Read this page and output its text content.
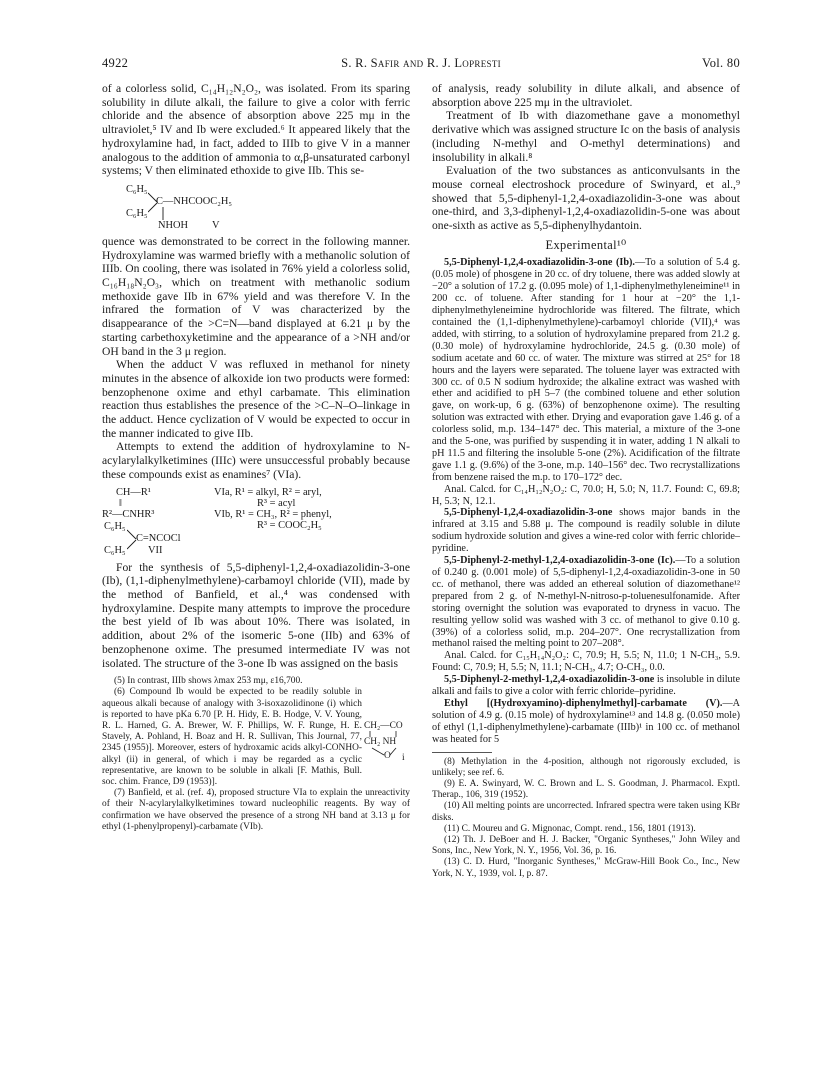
4922	S. R. Safir and R. J. Lopresti	Vol. 80

of a colorless solid, C₁₄H₁₂N₂O₂, was isolated. From its sparing solubility in dilute alkali, the failure to give a color with ferric chloride and the absence of absorption above 225 mμ in the ultraviolet,⁵ IV and Ib were excluded.⁶ It appeared likely that the hydroxylamine had, in fact, added to IIIb to give V in a manner analogous to the addition of ammonia to α,β-unsaturated carbonyl systems; V then eliminated ethoxide to give IIb. This se-

C₆H₅
C—NHCOOC₂H₅
C₆H₅
NHOH V

quence was demonstrated to be correct in the following manner. Hydroxylamine was warmed briefly with a methanolic solution of IIIb. On cooling, there was isolated in 76% yield a colorless solid, C₁₆H₁₈N₂O₃, which on treatment with methanolic sodium methoxide gave IIb in 67% yield and was therefore V. In the infrared the formation of V was characterized by the disappearance of the >C=N—band displayed at 6.21 μ by the starting carbethoxyketimine and the appearance of a >NH and/or OH band in the 3 μ region.

When the adduct V was refluxed in methanol for ninety minutes in the absence of alkoxide ion two products were formed: benzophenone oxime and ethyl carbamate. This elimination reaction thus establishes the presence of the >C–N–O–linkage in the adduct. Hence cyclization of V would be expected to occur in the manner indicated to give IIb.

Attempts to extend the addition of hydroxylamine to N-acylarylalkylketimines (IIIc) were unsuccessful probably because these compounds exist as enamines⁷ (VIa).

CH—R¹
‖
R²—CNHR³
VIa, R¹ = alkyl, R² = aryl,
R³ = acyl
VIb, R¹ = CH₃, R² = phenyl,
R³ = COOC₂H₅
C₆H₅
C=NCOCl
C₆H₅ VII

For the synthesis of 5,5-diphenyl-1,2,4-oxadiazolidin-3-one (Ib), (1,1-diphenylmethylene)-carbamoyl chloride (VII), made by the method of Banfield, et al.,⁴ was condensed with hydroxylamine. Despite many attempts to improve the procedure the best yield of Ib was about 10%. There was isolated, in addition, about 2% of the isomeric 5-one (IIb) and 63% of benzophenone oxime. The presumed intermediate IV was not isolated. The structure of the 3-one Ib was assigned on the basis

(5) In contrast, IIIb shows λmax 253 mμ, ε16,700.

(6) Compound Ib would be expected to be readily soluble in aqueous alkali because of analogy with 3-isoxazolidinone (i) which is reported to have pKa 6.70 [P. H. Hidy, E. B. Hodge, V. V. Young, R. L. Harned, G. A. Brewer, W. F. Phillips, W. F. Runge, H. E. Stavely, A. Pohland, H. Boaz and H. R. Sullivan, This Journal, 77, 2345 (1955)]. Moreover, esters of hydroxamic acids alkyl-CONHO-alkyl (ii) in general, of which i may be regarded as a cyclic representative, are known to be soluble in alkali [F. Mathis, Bull. soc. chim. France, D9 (1953)].

CH₂—CO
CH₂ NH
O i

(7) Banfield, et al. (ref. 4), proposed structure VIa to explain the unreactivity of their N-acylarylalkylketimines toward nucleophilic reagents. By way of confirmation we have observed the presence of a strong NH band at 3.13 μ for ethyl (1-phenylpropenyl)-carbamate (VIb).

of analysis, ready solubility in dilute alkali, and absence of absorption above 225 mμ in the ultraviolet.

Treatment of Ib with diazomethane gave a monomethyl derivative which was assigned structure Ic on the basis of analysis (including N-methyl and O-methyl determinations) and insolubility in alkali.⁸

Evaluation of the two substances as anticonvulsants in the mouse corneal electroshock procedure of Swinyard, et al.,⁹ showed that 5,5-diphenyl-1,2,4-oxadiazolidin-3-one was about one-third, and 3,3-diphenyl-1,2,4-oxadiazolidin-5-one was about one-sixth as active as 5,5-diphenylhydantoin.

Experimental¹⁰

5,5-Diphenyl-1,2,4-oxadiazolidin-3-one (Ib).—To a solution of 5.4 g. (0.05 mole) of phosgene in 20 cc. of dry toluene, there was added slowly at −20° a solution of 17.2 g. (0.095 mole) of 1,1-diphenylmethyleneimine¹¹ in 200 cc. of toluene. After standing for 1 hour at −20° the 1,1-diphenylmethyleneimine hydrochloride was filtered. The filtrate, which contained the (1,1-diphenylmethylene)-carbamoyl chloride (VII),⁴ was added, with stirring, to a solution of hydroxylamine prepared from 21.2 g. (0.30 mole) of hydroxylamine hydrochloride, 24.5 g. (0.30 mole) of sodium acetate and 60 cc. of water. The mixture was stirred at 25° for 18 hours and the layers were separated. The toluene layer was extracted with 300 cc. of 0.5 N sodium hydroxide; the alkaline extract was washed with ether and acidified to pH 5–7 (the combined toluene and ether solution gave, on work-up, 6 g. (63%) of benzophenone oxime). The resulting solution was extracted with ether. Drying and evaporation gave 1.46 g. of a colorless solid, m.p. 134–147° dec. This material, a mixture of the 3-one and the 5-one, was purified by suspending it in water, adding 1 N alkali to pH 11.5 and filtering the insoluble 5-one (2%). Acidification of the filtrate gave 1.1 g. (9.6%) of the 3-one, m.p. 140–156° dec. Two recrystallizations from benzene raised the m.p. to 170–172° dec.

Anal. Calcd. for C₁₄H₁₂N₂O₂: C, 70.0; H, 5.0; N, 11.7. Found: C, 69.8; H, 5.3; N, 12.1.

5,5-Diphenyl-1,2,4-oxadiazolidin-3-one shows major bands in the infrared at 3.15 and 5.88 μ. The compound is readily soluble in dilute sodium hydroxide solution and gives a wine-red color with ferric chloride–pyridine.

5,5-Diphenyl-2-methyl-1,2,4-oxadiazolidin-3-one (Ic).—To a solution of 0.240 g. (0.001 mole) of 5,5-diphenyl-1,2,4-oxadiazolidin-3-one in 50 cc. of methanol, there was added an ethereal solution of diazomethane¹² prepared from 2 g. of N-methyl-N-nitroso-p-toluenesulfonamide. After storing overnight the solution was evaporated to dryness in vacuo. The resulting yellow solid was washed with 3 cc. of methanol to give 0.10 g. (39%) of a colorless solid, m.p. 204–207°. One recrystallization from methanol raised the melting point to 207–208°.

Anal. Calcd. for C₁₅H₁₄N₂O₂: C, 70.9; H, 5.5; N, 11.0; 1 N-CH₃, 5.9. Found: C, 70.9; H, 5.5; N, 11.1; N-CH₃, 4.7; O-CH₃, 0.0.

5,5-Diphenyl-2-methyl-1,2,4-oxadiazolidin-3-one is insoluble in dilute alkali and fails to give a color with ferric chloride–pyridine.

Ethyl [(Hydroxyamino)-diphenylmethyl]-carbamate (V).—A solution of 4.9 g. (0.15 mole) of hydroxylamine¹³ and 14.8 g. (0.050 mole) of ethyl (1,1-diphenylmethylene)-carbamate (IIIb)¹ in 100 cc. of methanol was heated for 5

(8) Methylation in the 4-position, although not rigorously excluded, is unlikely; see ref. 6.

(9) E. A. Swinyard, W. C. Brown and L. S. Goodman, J. Pharmacol. Exptl. Therap., 106, 319 (1952).

(10) All melting points are uncorrected. Infrared spectra were taken using KBr disks.

(11) C. Moureu and G. Mignonac, Compt. rend., 156, 1801 (1913).

(12) Th. J. DeBoer and H. J. Backer, "Organic Syntheses," John Wiley and Sons, Inc., New York, N. Y., 1956, Vol. 36, p. 16.

(13) C. D. Hurd, "Inorganic Syntheses," McGraw-Hill Book Co., Inc., New York, N. Y., 1939, vol. I, p. 87.
